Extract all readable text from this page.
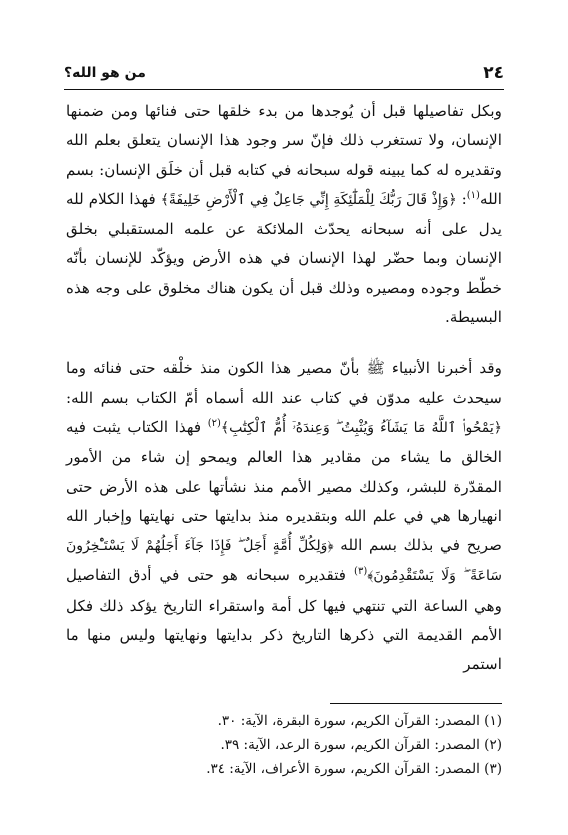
٢٤
من هو الله؟

وبكل تفاصيلها قبل أن يُوجدها من بدء خلقها حتى فنائها ومن ضمنها الإنسان، ولا تستغرب ذلك فإنّ سر وجود هذا الإنسان يتعلق بعلم الله وتقديره له كما يبينه قوله سبحانه في كتابه قبل أن خلَق الإنسان: بسم الله$^{(١)}$: ﴿وَإِذْ قَالَ رَبُّكَ لِلْمَلَٰٓئِكَةِ إِنِّي جَاعِلٌ فِي ٱلْأَرْضِ خَلِيفَةً﴾ فهذا الكلام لله يدل على أنه سبحانه يحدّث الملائكة عن علمه المستقبلي بخلق الإنسان وبما حضّر لهذا الإنسان في هذه الأرض ويؤكّد للإنسان بأنّه خطّط وجوده ومصيره وذلك قبل أن يكون هناك مخلوق على وجه هذه البسيطة.

وقد أخبرنا الأنبياء ﷺ بأنّ مصير هذا الكون منذ خلْقه حتى فنائه وما سيحدث عليه مدوّن في كتاب عند الله أسماه أمّ الكتاب بسم الله: ﴿يَمْحُوا۟ ٱللَّهُ مَا يَشَآءُ وَيُثْبِتُ ۖ وَعِندَهُۥٓ أُمُّ ٱلْكِتَٰبِ﴾$^{(٢)}$ فهذا الكتاب يثبت فيه الخالق ما يشاء من مقادير هذا العالم ويمحو إن شاء من الأمور المقدّرة للبشر، وكذلك مصير الأمم منذ نشأتها على هذه الأرض حتى انهيارها هي في علم الله وبتقديره منذ بدايتها حتى نهايتها وإخبار الله صريح في بذلك بسم الله ﴿وَلِكُلِّ أُمَّةٍ أَجَلٌ ۖ فَإِذَا جَآءَ أَجَلُهُمْ لَا يَسْتَـْٔخِرُونَ سَاعَةً ۖ وَلَا يَسْتَقْدِمُونَ﴾$^{(٣)}$ فتقديره سبحانه هو حتى في أدق التفاصيل وهي الساعة التي تنتهي فيها كل أمة واستقراء التاريخ يؤكد ذلك فكل الأمم القديمة التي ذكرها التاريخ ذكر بدايتها ونهايتها وليس منها ما استمر

(١) المصدر: القرآن الكريم، سورة البقرة، الآية: ٣٠.

(٢) المصدر: القرآن الكريم، سورة الرعد، الآية: ٣٩.

(٣) المصدر: القرآن الكريم، سورة الأعراف، الآية: ٣٤.
